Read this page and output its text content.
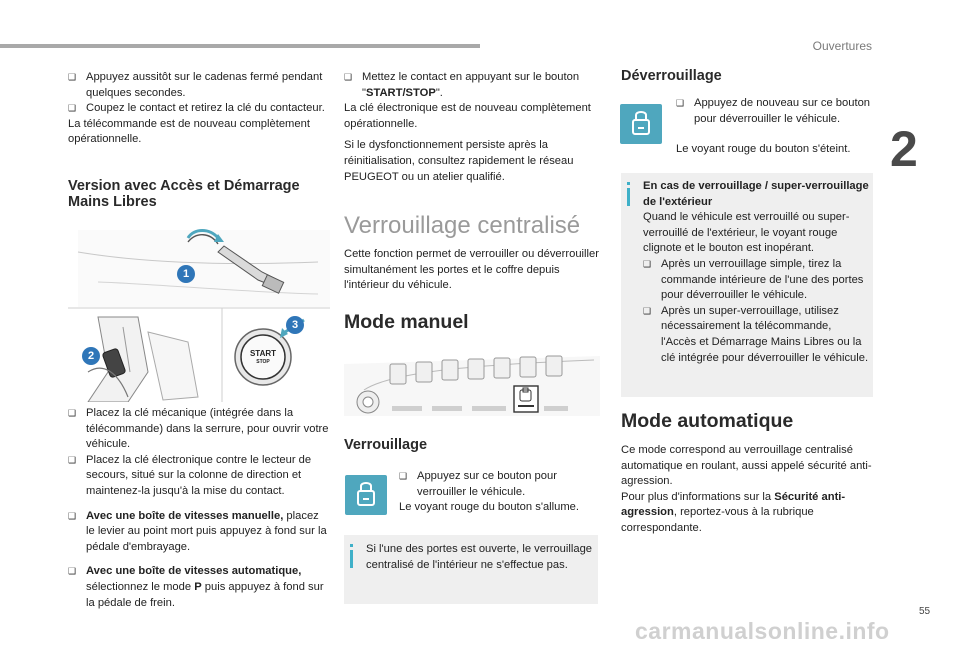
Ouvertures
2
55
carmanualsonline.info

❑ Appuyez aussitôt sur le cadenas fermé pendant quelques secondes.

❑ Coupez le contact et retirez la clé du contacteur.

La télécommande est de nouveau complètement opérationnelle.

Version avec Accès et Démarrage Mains Libres

START
STOP
1
2
3

❑ Placez la clé mécanique (intégrée dans la télécommande) dans la serrure, pour ouvrir votre véhicule.

❑ Placez la clé électronique contre le lecteur de secours, situé sur la colonne de direction et maintenez-la jusqu'à la mise du contact.

❑ Avec une boîte de vitesses manuelle, placez le levier au point mort puis appuyez à fond sur la pédale d'embrayage.

❑ Avec une boîte de vitesses automatique, sélectionnez le mode P puis appuyez à fond sur la pédale de frein.

❑ Mettez le contact en appuyant sur le bouton "START/STOP".

La clé électronique est de nouveau complètement opérationnelle.

Si le dysfonctionnement persiste après la réinitialisation, consultez rapidement le réseau PEUGEOT ou un atelier qualifié.

Verrouillage centralisé

Cette fonction permet de verrouiller ou déverrouiller simultanément les portes et le coffre depuis l'intérieur du véhicule.

Mode manuel

Verrouillage

❑ Appuyez sur ce bouton pour verrouiller le véhicule.

Le voyant rouge du bouton s'allume.

Si l'une des portes est ouverte, le verrouillage centralisé de l'intérieur ne s'effectue pas.

Déverrouillage

❑ Appuyez de nouveau sur ce bouton pour déverrouiller le véhicule.

Le voyant rouge du bouton s'éteint.

En cas de verrouillage / super-verrouillage de l'extérieur

Quand le véhicule est verrouillé ou super-verrouillé de l'extérieur, le voyant rouge clignote et le bouton est inopérant.

❑ Après un verrouillage simple, tirez la commande intérieure de l'une des portes pour déverrouiller le véhicule.

❑ Après un super-verrouillage, utilisez nécessairement la télécommande, l'Accès et Démarrage Mains Libres ou la clé intégrée pour déverrouiller le véhicule.

Mode automatique

Ce mode correspond au verrouillage centralisé automatique en roulant, aussi appelé sécurité anti-agression.

Pour plus d'informations sur la Sécurité anti-agression, reportez-vous à la rubrique correspondante.
